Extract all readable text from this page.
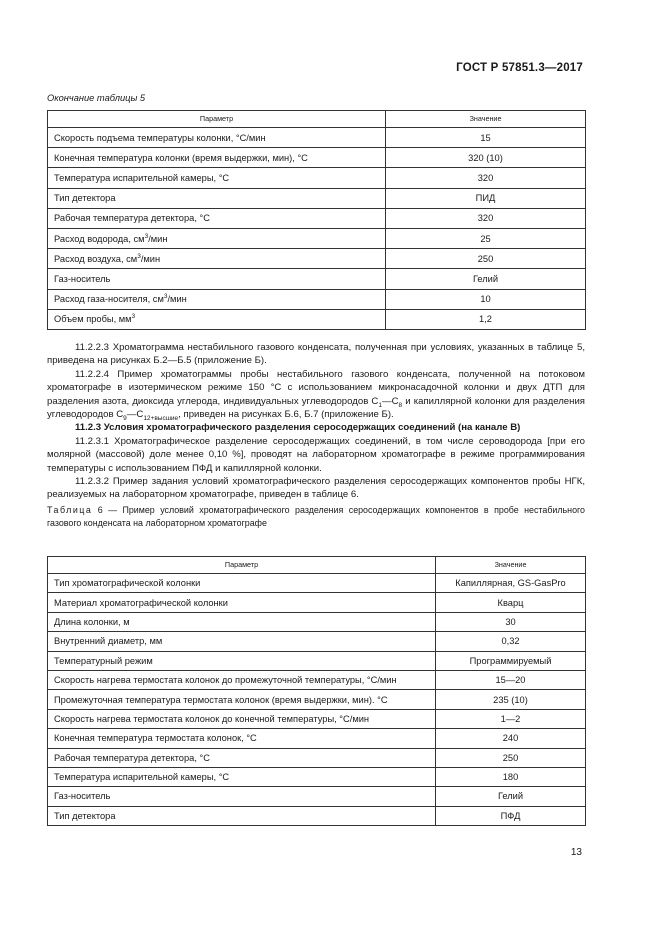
ГОСТ Р 57851.3—2017
Окончание таблицы 5
Параметр	Значение
Скорость подъема температуры колонки, °С/мин	15
Конечная температура колонки (время выдержки, мин), °С	320 (10)
Температура испарительной камеры, °С	320
Тип детектора	ПИД
Рабочая температура детектора, °С	320
Расход водорода, $см^3$/мин	25
Расход воздуха, $см^3$/мин	250
Газ-носитель	Гелий
Расход газа-носителя, $см^3$/мин	10
Объем пробы, $мм^3$	1,2

11.2.2.3 Хроматограмма нестабильного газового конденсата, полученная при условиях, указанных в таблице 5, приведена на рисунках Б.2—Б.5 (приложение Б).

11.2.2.4 Пример хроматограммы пробы нестабильного газового конденсата, полученной на потоковом хроматографе в изотермическом режиме 150 °С с использованием микронасадочной колонки и двух ДТП для разделения азота, диоксида углерода, индивидуальных углеводородов $С_1—С_8$ и капиллярной колонки для разделения углеводородов $С_9—С_{12+высшие}$, приведен на рисунках Б.6, Б.7 (приложение Б).

11.2.3 Условия хроматографического разделения серосодержащих соединений (на канале В)

11.2.3.1 Хроматографическое разделение серосодержащих соединений, в том числе сероводорода [при его молярной (массовой) доле менее 0,10 %], проводят на лабораторном хроматографе в режиме программирования температуры с использованием ПФД и капиллярной колонки.

11.2.3.2 Пример задания условий хроматографического разделения серосодержащих компонентов пробы НГК, реализуемых на лабораторном хроматографе, приведен в таблице 6.

Таблица 6 — Пример условий хроматографического разделения серосодержащих компонентов в пробе нестабильного газового конденсата на лабораторном хроматографе

Параметр	Значение
Тип хроматографической колонки	Капиллярная, GS-GasPro
Материал хроматографической колонки	Кварц
Длина колонки, м	30
Внутренний диаметр, мм	0,32
Температурный режим	Программируемый
Скорость нагрева термостата колонок до промежуточной температуры, °С/мин	15—20
Промежуточная температура термостата колонок (время выдержки, мин). °С	235 (10)
Скорость нагрева термостата колонок до конечной температуры, °С/мин	1—2
Конечная температура термостата колонок, °С	240
Рабочая температура детектора, °С	250
Температура испарительной камеры, °С	180
Газ-носитель	Гелий
Тип детектора	ПФД
13
